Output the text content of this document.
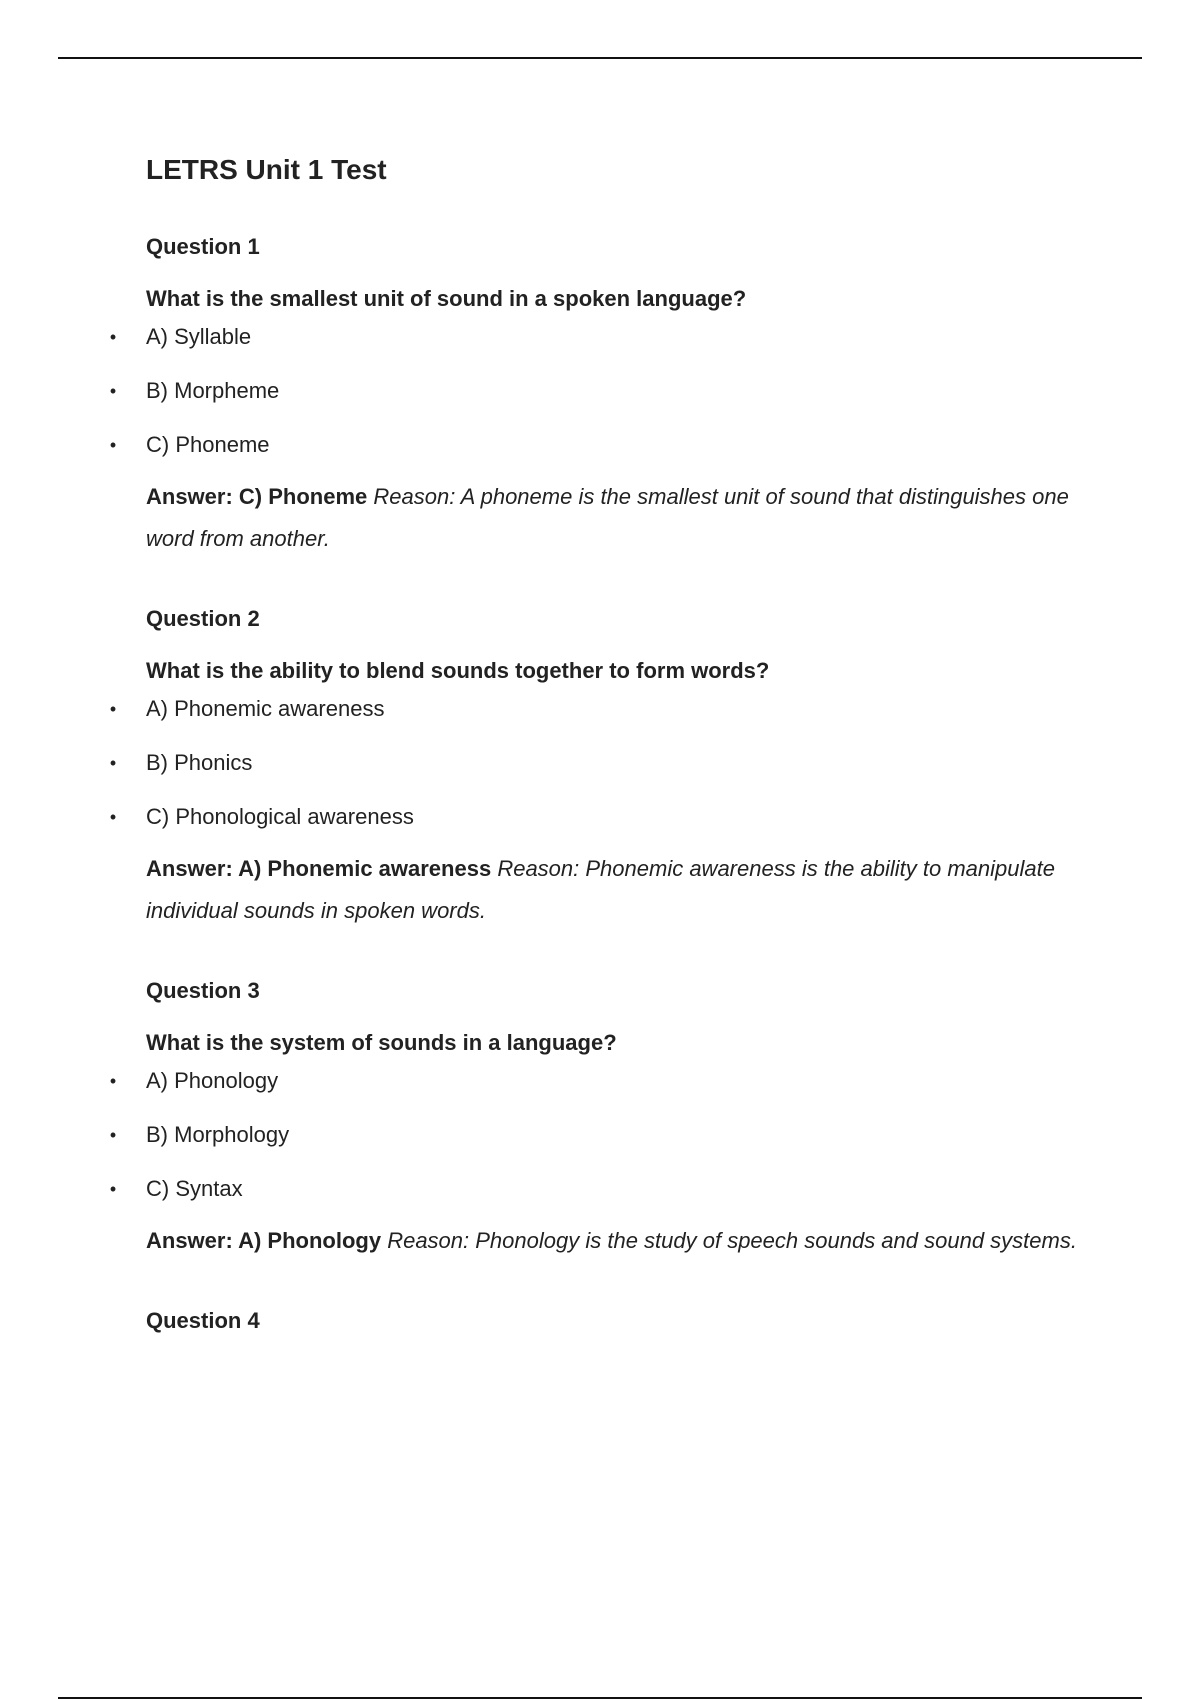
LETRS Unit 1 Test
Question 1
What is the smallest unit of sound in a spoken language?
• A) Syllable
• B) Morpheme
• C) Phoneme
Answer: C) Phoneme Reason: A phoneme is the smallest unit of sound that distinguishes one word from another.
Question 2
What is the ability to blend sounds together to form words?
• A) Phonemic awareness
• B) Phonics
• C) Phonological awareness
Answer: A) Phonemic awareness Reason: Phonemic awareness is the ability to manipulate individual sounds in spoken words.
Question 3
What is the system of sounds in a language?
• A) Phonology
• B) Morphology
• C) Syntax
Answer: A) Phonology Reason: Phonology is the study of speech sounds and sound systems.
Question 4
